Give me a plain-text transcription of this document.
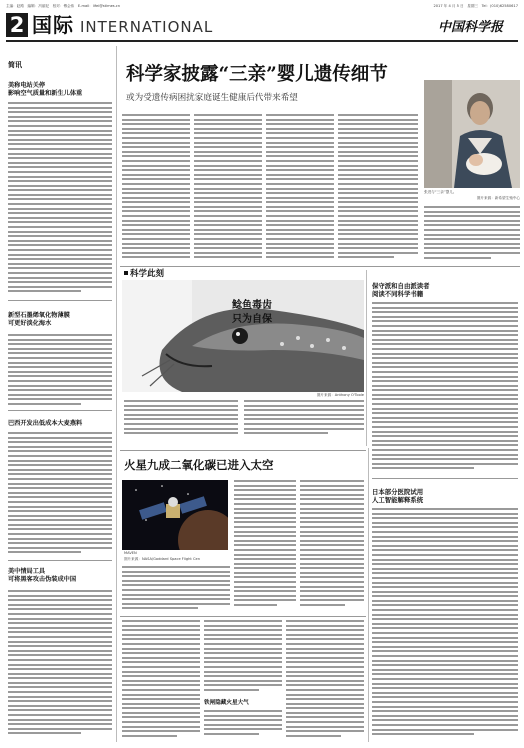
主编：赵路　编辑：冯丽妃　校对：傅会伟　E-mail：lifei@stimes.cn	2017 年 4 月 5 日　星期三　Tel：(010)62580617
2 国际 INTERNATIONAL	中国科学报
简讯
美称电站关停
影响空气质量和新生儿体重
新型石墨烯氧化物薄膜
可更好淡化海水
巴西开发出低成本大麦燕料
美中情局工具
可将黑客攻击伪装成中国
科学家披露“三亲”婴儿遗传细节
或为受遗传病困扰家庭诞生健康后代带来希望
张进与“三亲”婴儿。
图片来源：新希望生殖中心
科学此刻
鲶鱼毒齿
只为自保
图片来源：Anthony O'Toole
保守派和自由派读者
阅读不同科学书籍
日本部分医院试用
人工智能解释系统
火星九成二氧化碳已进入太空
MAVEN
图片来源：NASA/Goddard Space Flight Cen
铁闸隐藏火星大气
